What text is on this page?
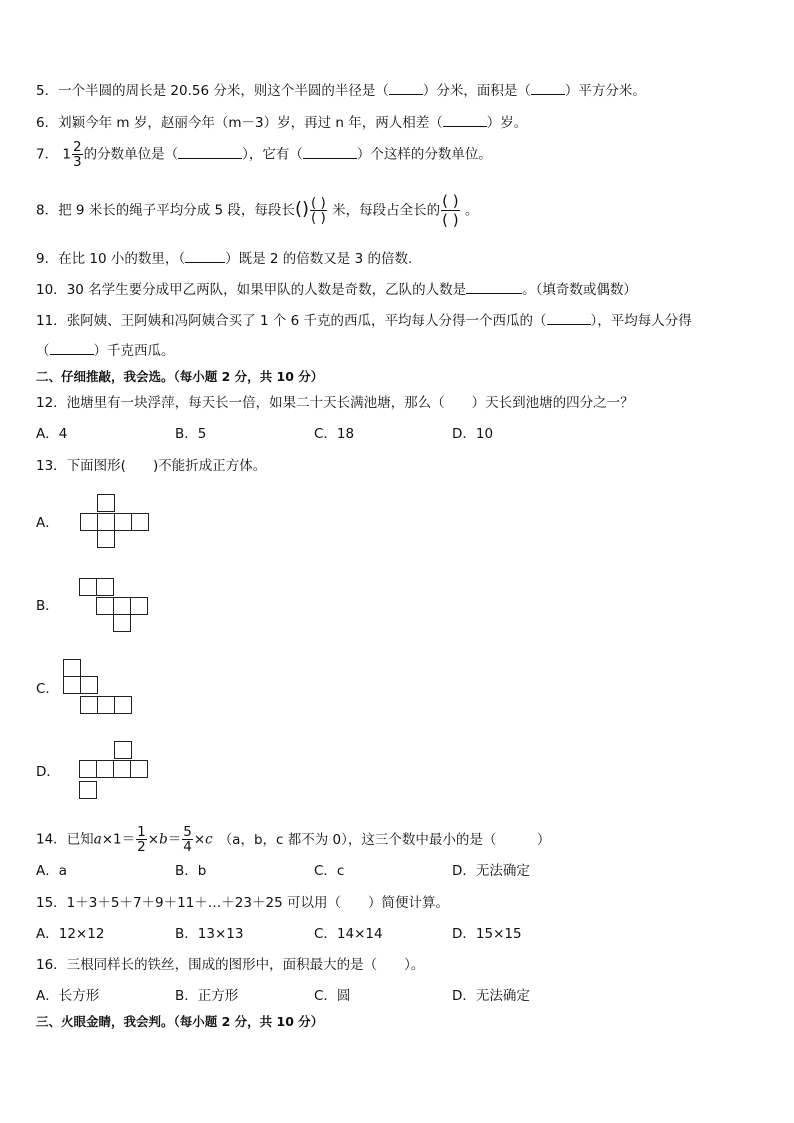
5．一个半圆的周长是 20.56 分米，则这个半圆的半径是（	）分米，面积是（	）平方分米。
6．刘颖今年 m 岁，赵丽今年（m－3）岁，再过 n 年，两人相差（	）岁。
7． $1 \frac{2}{3}$ 的分数单位是（	），它有（	）个这样的分数单位。
8．把 9 米长的绳子平均分成 5 段，每段长() $\frac{( )}{( )}$ 米，每段占全长的 $\frac{( )}{( )}$ 。
9．在比 10 小的数里，（	）既是 2 的倍数又是 3 的倍数.
10．30 名学生要分成甲乙两队，如果甲队的人数是奇数，乙队的人数是	。（填奇数或偶数）
11．张阿姨、王阿姨和冯阿姨合买了 1 个 6 千克的西瓜，平均每人分得一个西瓜的（	），平均每人分得
（	）千克西瓜。
二、仔细推敲，我会选。（每小题 2 分，共 10 分）
12．池塘里有一块浮萍，每天长一倍，如果二十天长满池塘，那么（　　）天长到池塘的四分之一？
A．4	B．5	C．18	D．10
13．下面图形(　　)不能折成正方体。
A．
B．
C．
D．
14．已知$a\times 1= \frac{1}{2} \times b= \frac{5}{4} \times c$ （a，b，c 都不为 0），这三个数中最小的是（　　　）
A．a	B．b	C．c	D．无法确定
15．1＋3＋5＋7＋9＋11＋…＋23＋25 可以用（　　）简便计算。
A．12×12	B．13×13	C．14×14	D．15×15
16．三根同样长的铁丝，围成的图形中，面积最大的是（　　）。
A．长方形	B．正方形	C．圆	D．无法确定
三、火眼金睛，我会判。（每小题 2 分，共 10 分）
